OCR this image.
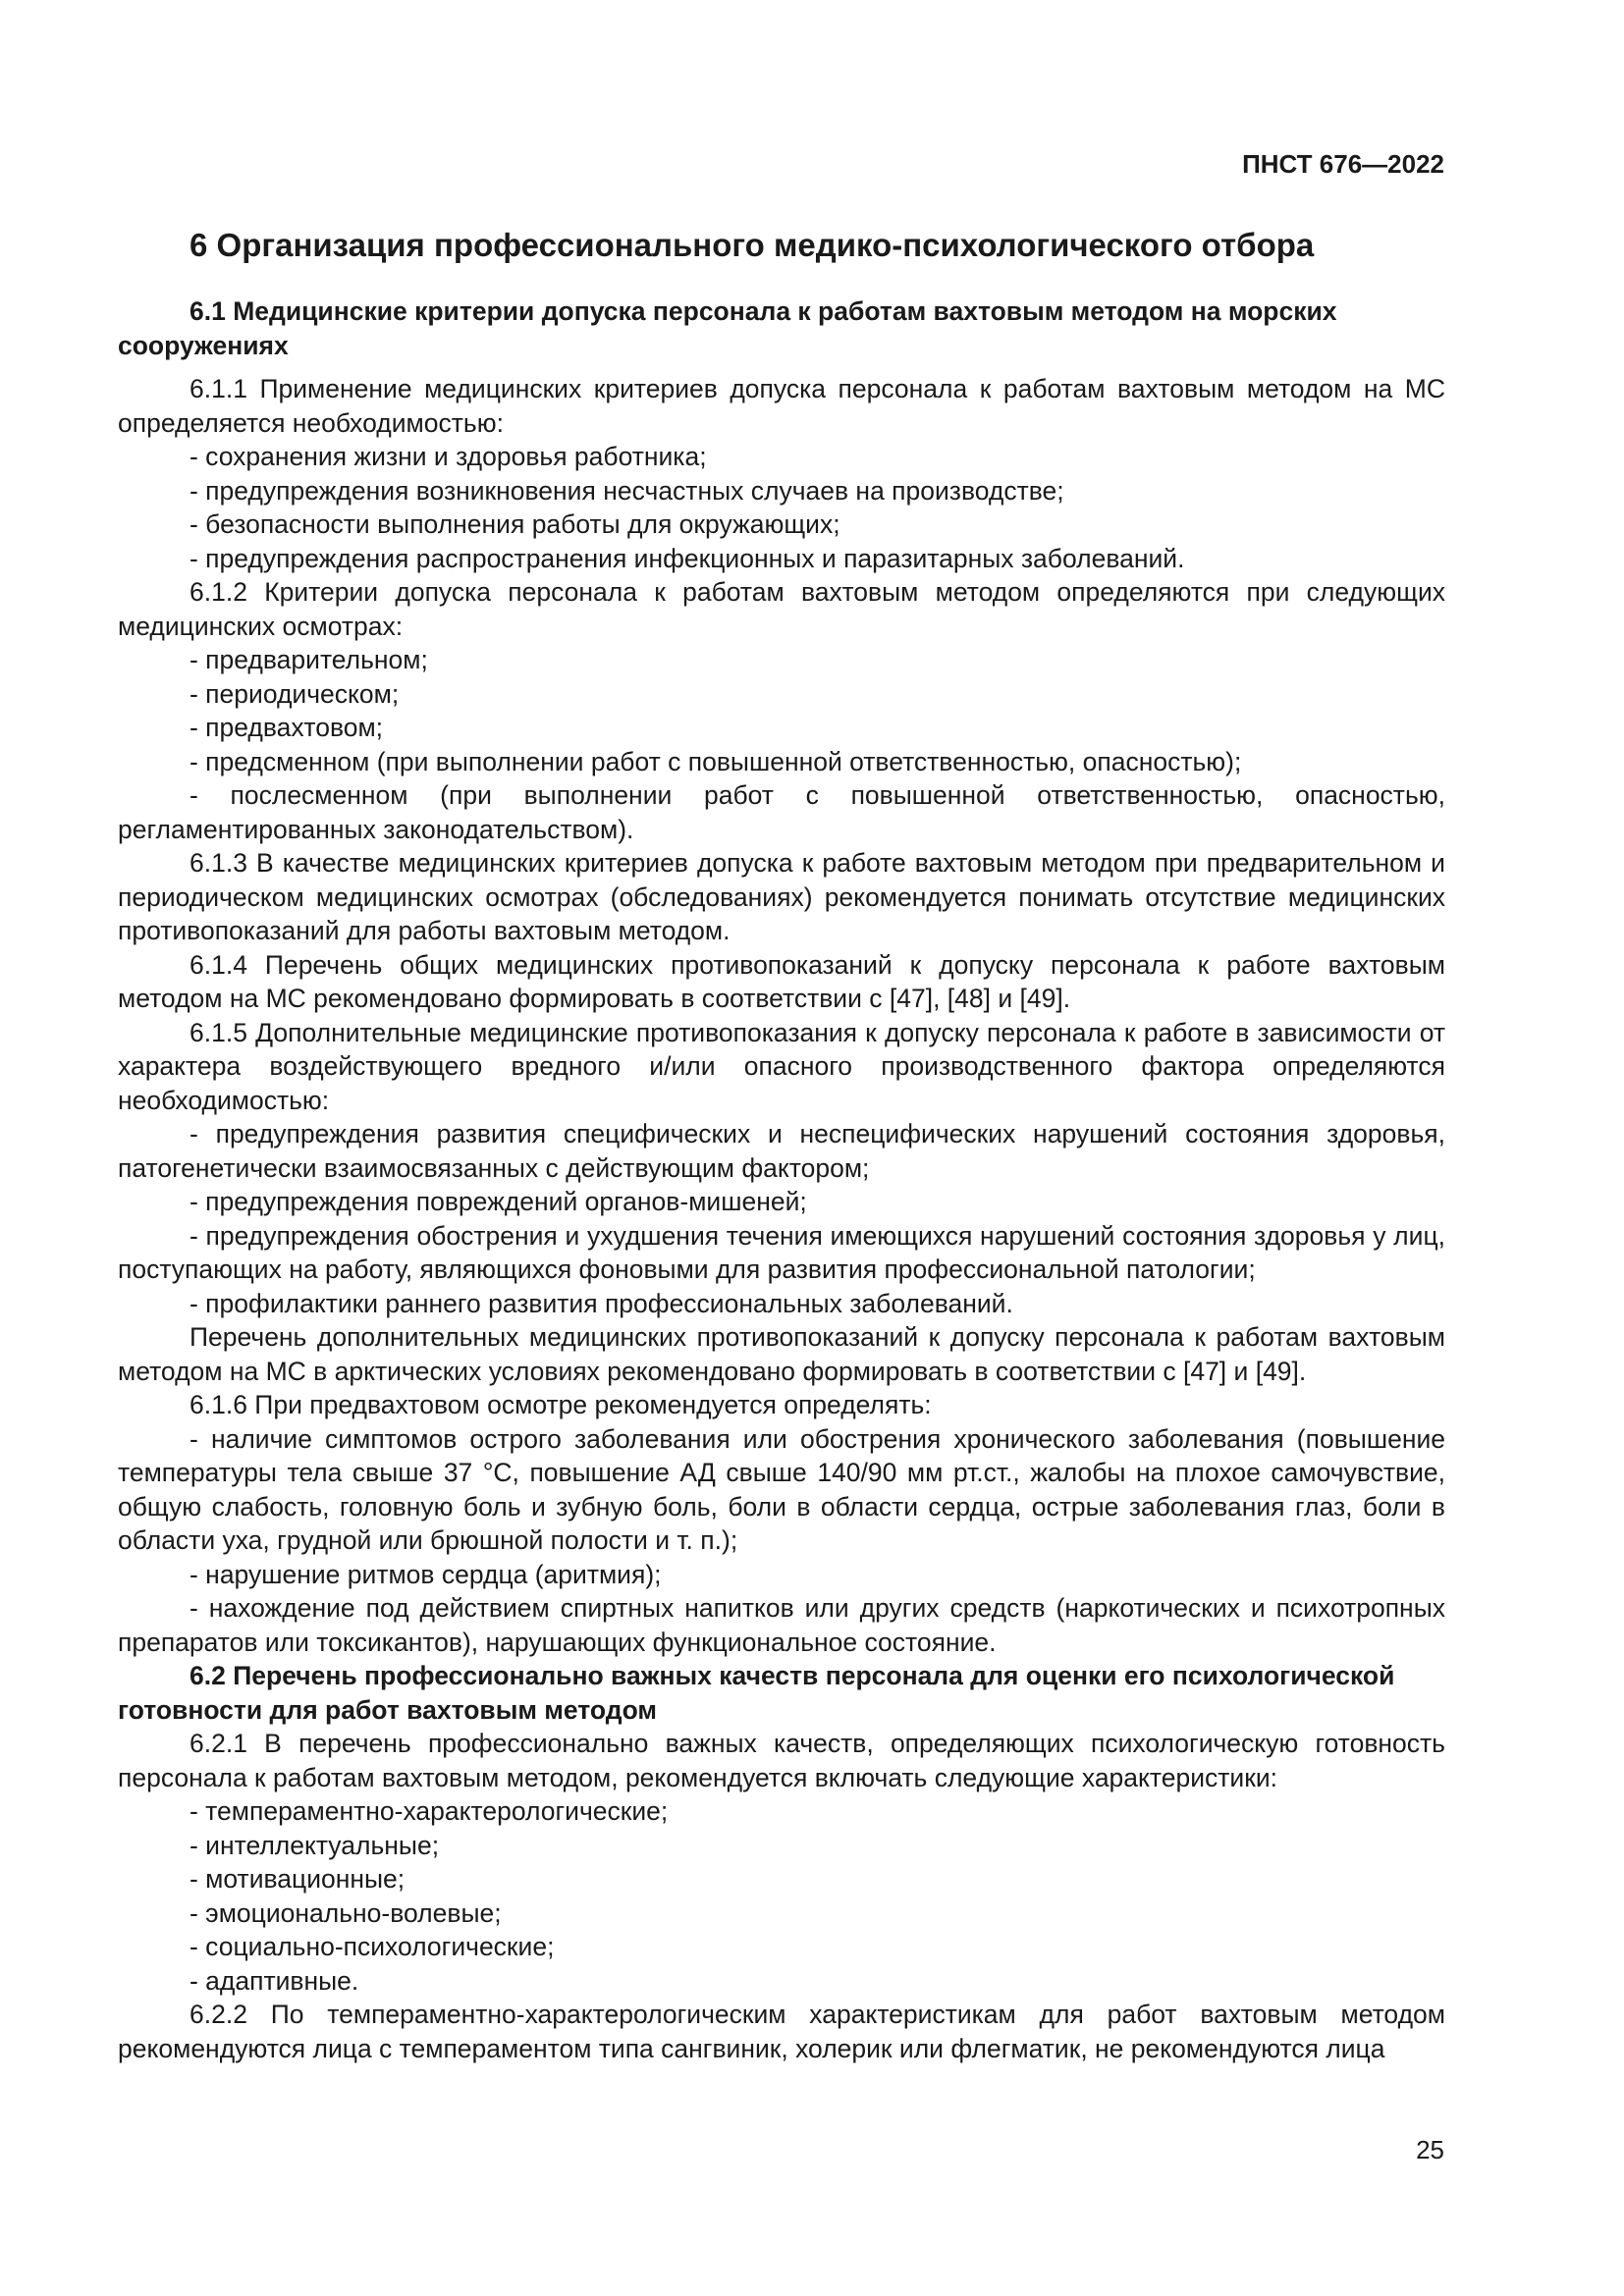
ПНСТ 676—2022
6 Организация профессионального медико-психологического отбора
6.1 Медицинские критерии допуска персонала к работам вахтовым методом на морских сооружениях
6.1.1 Применение медицинских критериев допуска персонала к работам вахтовым методом на МС определяется необходимостью:
- сохранения жизни и здоровья работника;
- предупреждения возникновения несчастных случаев на производстве;
- безопасности выполнения работы для окружающих;
- предупреждения распространения инфекционных и паразитарных заболеваний.
6.1.2 Критерии допуска персонала к работам вахтовым методом определяются при следующих медицинских осмотрах:
- предварительном;
- периодическом;
- предвахтовом;
- предсменном (при выполнении работ с повышенной ответственностью, опасностью);
- послесменном (при выполнении работ с повышенной ответственностью, опасностью, регламентированных законодательством).
6.1.3 В качестве медицинских критериев допуска к работе вахтовым методом при предварительном и периодическом медицинских осмотрах (обследованиях) рекомендуется понимать отсутствие медицинских противопоказаний для работы вахтовым методом.
6.1.4 Перечень общих медицинских противопоказаний к допуску персонала к работе вахтовым методом на МС рекомендовано формировать в соответствии с [47], [48] и [49].
6.1.5 Дополнительные медицинские противопоказания к допуску персонала к работе в зависимости от характера воздействующего вредного и/или опасного производственного фактора определяются необходимостью:
- предупреждения развития специфических и неспецифических нарушений состояния здоровья, патогенетически взаимосвязанных с действующим фактором;
- предупреждения повреждений органов-мишеней;
- предупреждения обострения и ухудшения течения имеющихся нарушений состояния здоровья у лиц, поступающих на работу, являющихся фоновыми для развития профессиональной патологии;
- профилактики раннего развития профессиональных заболеваний.
Перечень дополнительных медицинских противопоказаний к допуску персонала к работам вахтовым методом на МС в арктических условиях рекомендовано формировать в соответствии с [47] и [49].
6.1.6 При предвахтовом осмотре рекомендуется определять:
- наличие симптомов острого заболевания или обострения хронического заболевания (повышение температуры тела свыше 37 °С, повышение АД свыше 140/90 мм рт.ст., жалобы на плохое самочувствие, общую слабость, головную боль и зубную боль, боли в области сердца, острые заболевания глаз, боли в области уха, грудной или брюшной полости и т. п.);
- нарушение ритмов сердца (аритмия);
- нахождение под действием спиртных напитков или других средств (наркотических и психотропных препаратов или токсикантов), нарушающих функциональное состояние.
6.2 Перечень профессионально важных качеств персонала для оценки его психологической готовности для работ вахтовым методом
6.2.1 В перечень профессионально важных качеств, определяющих психологическую готовность персонала к работам вахтовым методом, рекомендуется включать следующие характеристики:
- темпераментно-характерологические;
- интеллектуальные;
- мотивационные;
- эмоционально-волевые;
- социально-психологические;
- адаптивные.
6.2.2 По темпераментно-характерологическим характеристикам для работ вахтовым методом рекомендуются лица с темпераментом типа сангвиник, холерик или флегматик, не рекомендуются лица
25
